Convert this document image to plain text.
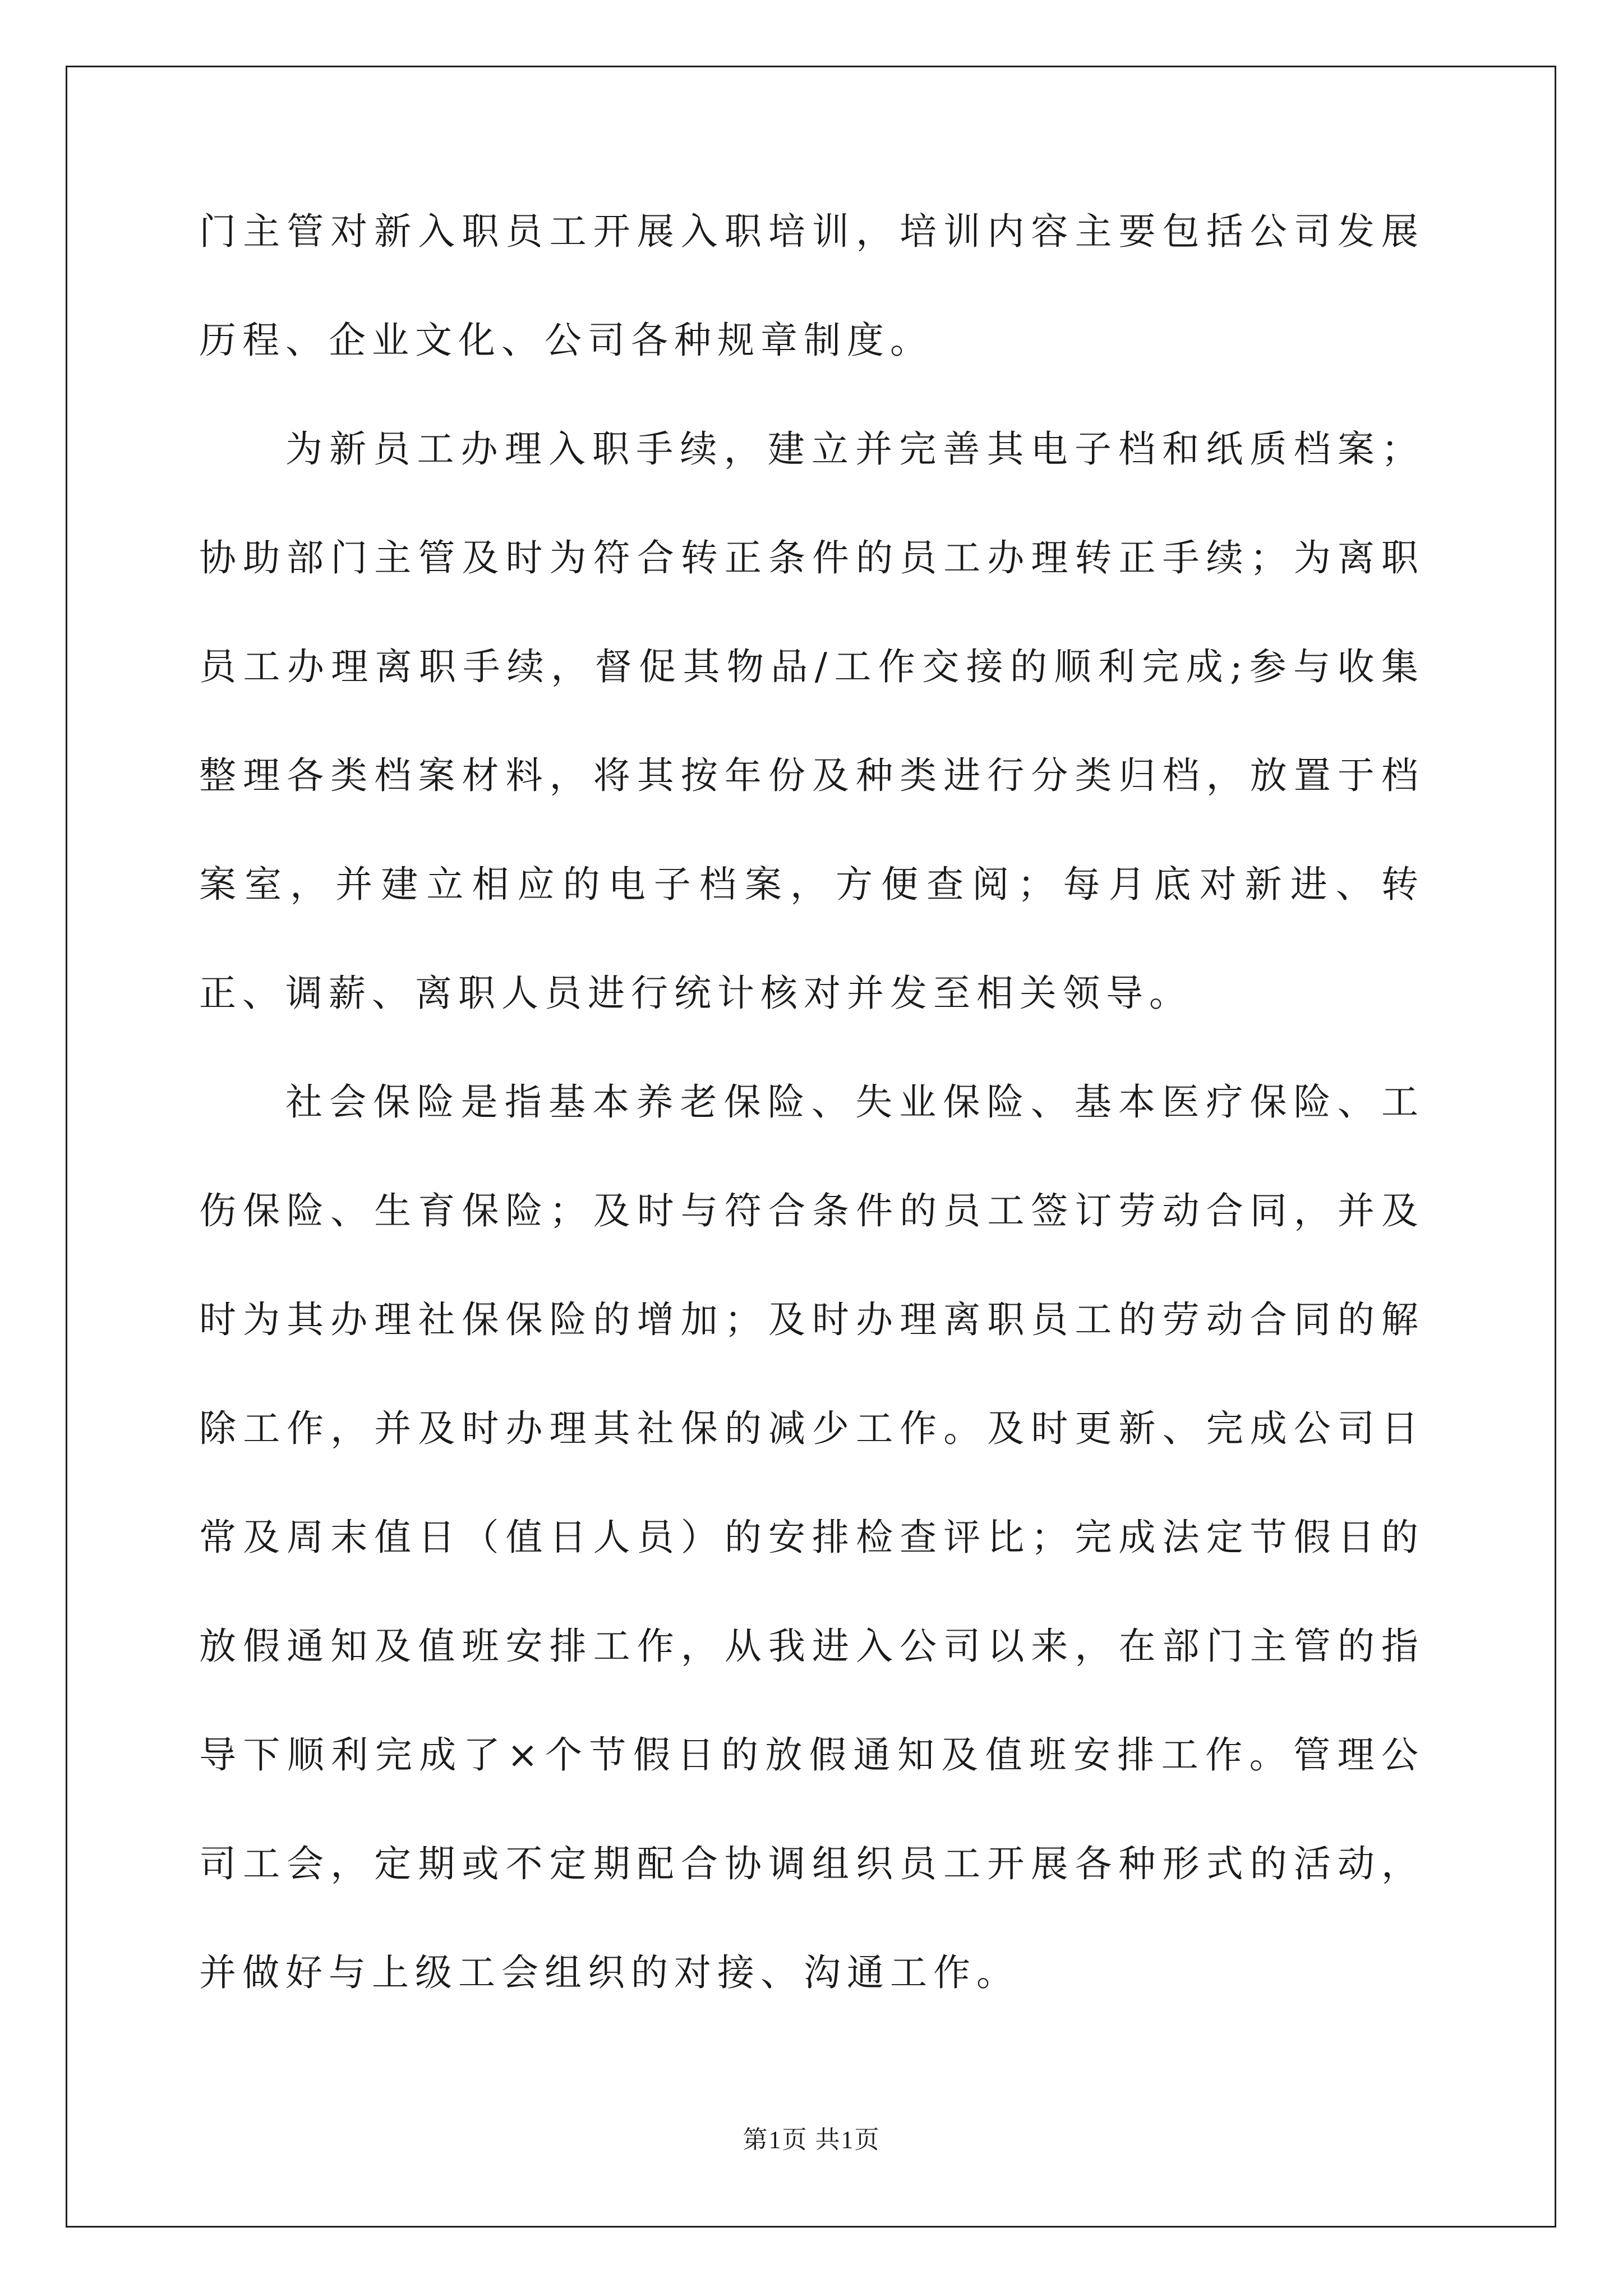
门主管对新入职员工开展入职培训，培训内容主要包括公司发展历程、企业文化、公司各种规章制度。

为新员工办理入职手续，建立并完善其电子档和纸质档案；协助部门主管及时为符合转正条件的员工办理转正手续；为离职员工办理离职手续，督促其物品/工作交接的顺利完成;参与收集整理各类档案材料，将其按年份及种类进行分类归档，放置于档案室，并建立相应的电子档案，方便查阅；每月底对新进、转正、调薪、离职人员进行统计核对并发至相关领导。

社会保险是指基本养老保险、失业保险、基本医疗保险、工伤保险、生育保险；及时与符合条件的员工签订劳动合同，并及时为其办理社保保险的增加；及时办理离职员工的劳动合同的解除工作，并及时办理其社保的减少工作。及时更新、完成公司日常及周末值日（值日人员）的安排检查评比；完成法定节假日的放假通知及值班安排工作，从我进入公司以来，在部门主管的指导下顺利完成了×个节假日的放假通知及值班安排工作。管理公司工会，定期或不定期配合协调组织员工开展各种形式的活动，并做好与上级工会组织的对接、沟通工作。

第1页 共1页
